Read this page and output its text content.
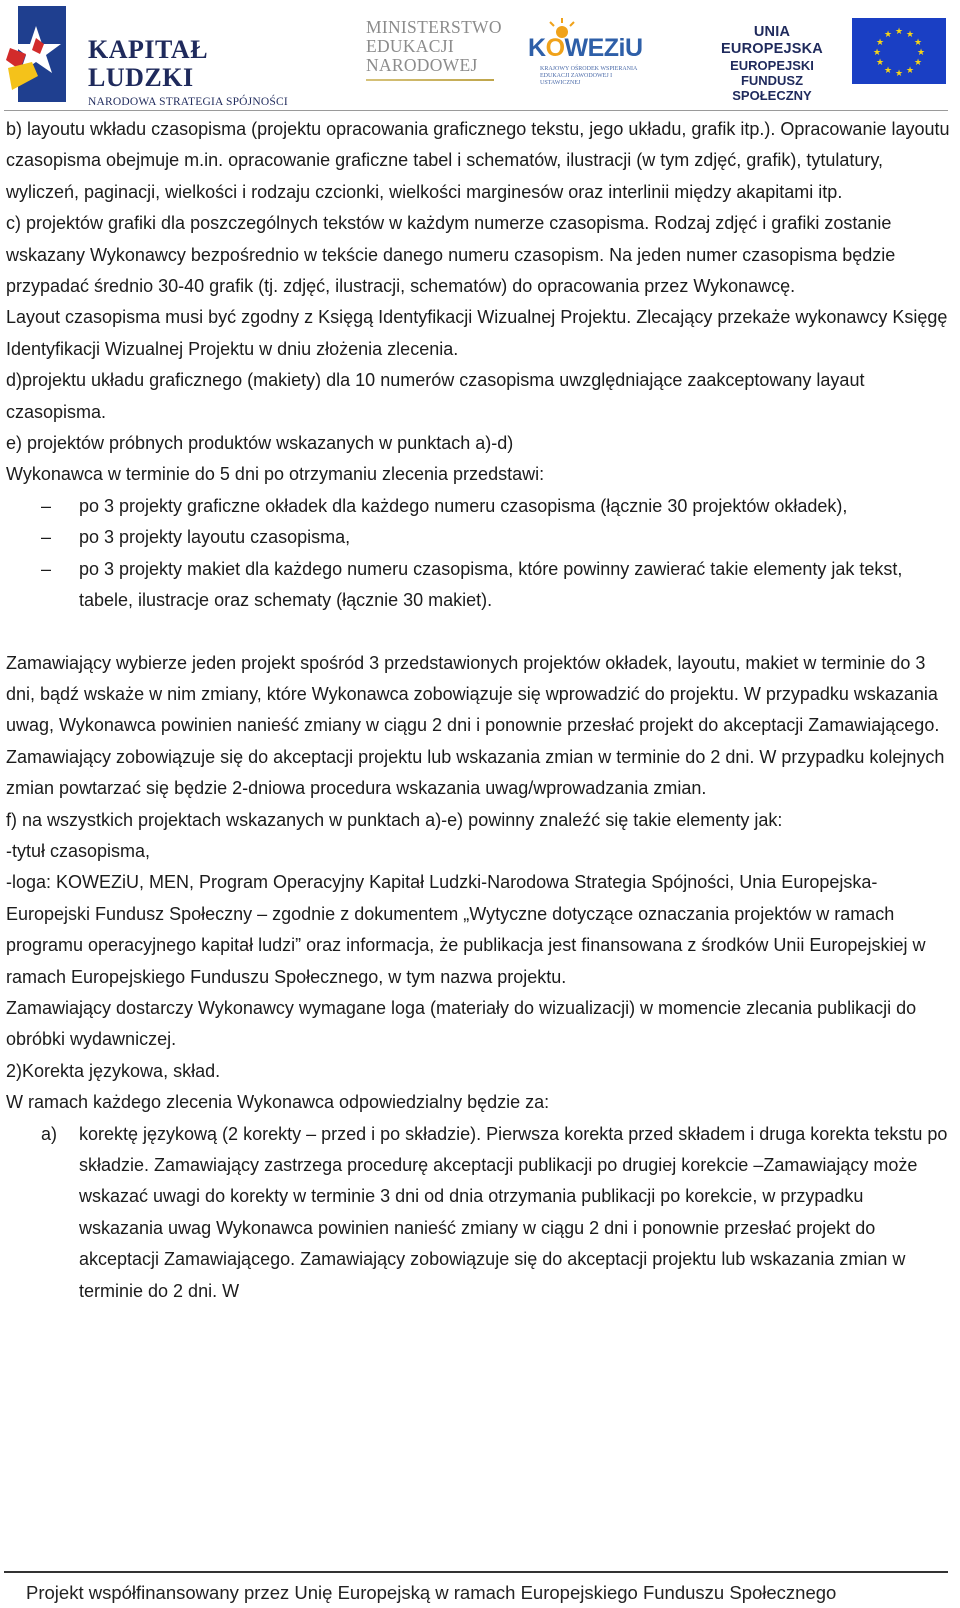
KAPITAŁ LUDZKI
NARODOWA STRATEGIA SPÓJNOŚCI
MINISTERSTWO
EDUKACJI
NARODOWEJ
KOWEZiU
KRAJOWY OŚRODEK WSPIERANIA EDUKACJI ZAWODOWEJ I USTAWICZNEJ
UNIA EUROPEJSKA
EUROPEJSKI
FUNDUSZ SPOŁECZNY
★ ★
★
★
★
★
★
★
★
★
★
★

b) layoutu wkładu czasopisma (projektu opracowania graficznego tekstu, jego układu, grafik itp.). Opracowanie layoutu czasopisma obejmuje m.in. opracowanie graficzne tabel i schematów, ilustracji (w tym zdjęć, grafik), tytulatury, wyliczeń, paginacji, wielkości i rodzaju czcionki, wielkości marginesów oraz interlinii między akapitami itp.

c) projektów grafiki dla poszczególnych tekstów w każdym numerze czasopisma. Rodzaj zdjęć i grafiki zostanie wskazany Wykonawcy bezpośrednio w tekście danego numeru czasopism. Na jeden numer czasopisma będzie przypadać średnio 30-40 grafik (tj. zdjęć, ilustracji, schematów) do opracowania przez Wykonawcę.

Layout czasopisma musi być zgodny z Księgą Identyfikacji Wizualnej Projektu. Zlecający przekaże wykonawcy Księgę Identyfikacji Wizualnej Projektu w dniu złożenia zlecenia.

d)projektu układu graficznego (makiety) dla 10 numerów czasopisma uwzględniające zaakceptowany layaut czasopisma.

e) projektów próbnych produktów wskazanych w punktach a)-d)

Wykonawca w terminie do 5 dni po otrzymaniu zlecenia przedstawi:

– po 3 projekty graficzne okładek dla każdego numeru czasopisma (łącznie 30 projektów okładek),
– po 3 projekty layoutu czasopisma,
– po 3 projekty makiet dla każdego numeru czasopisma, które powinny zawierać takie elementy jak tekst, tabele, ilustracje oraz schematy (łącznie 30 makiet).

Zamawiający wybierze jeden projekt spośród 3 przedstawionych projektów okładek, layoutu, makiet w terminie do 3 dni, bądź wskaże w nim zmiany, które Wykonawca zobowiązuje się wprowadzić do projektu. W przypadku wskazania uwag, Wykonawca powinien nanieść zmiany w ciągu 2 dni i ponownie przesłać projekt do akceptacji Zamawiającego. Zamawiający zobowiązuje się do akceptacji projektu lub wskazania zmian w terminie do 2 dni. W przypadku kolejnych zmian powtarzać się będzie 2-dniowa procedura wskazania uwag/wprowadzania zmian.

f) na wszystkich projektach wskazanych w punktach a)-e) powinny znaleźć się takie elementy jak:

-tytuł czasopisma,

-loga: KOWEZiU, MEN, Program Operacyjny Kapitał Ludzki-Narodowa Strategia Spójności, Unia Europejska-Europejski Fundusz Społeczny – zgodnie z dokumentem „Wytyczne dotyczące oznaczania projektów w ramach programu operacyjnego kapitał ludzi” oraz informacja, że publikacja jest finansowana z środków Unii Europejskiej w ramach Europejskiego Funduszu Społecznego, w tym nazwa projektu.

Zamawiający dostarczy Wykonawcy wymagane loga (materiały do wizualizacji) w momencie zlecania publikacji do obróbki wydawniczej.

2)Korekta językowa, skład.

W ramach każdego zlecenia Wykonawca odpowiedzialny będzie za:

a) korektę językową (2 korekty – przed i po składzie). Pierwsza korekta przed składem i druga korekta tekstu po składzie. Zamawiający zastrzega procedurę akceptacji publikacji po drugiej korekcie –Zamawiający może wskazać uwagi do korekty w terminie 3 dni od dnia otrzymania publikacji po korekcie, w przypadku wskazania uwag Wykonawca powinien nanieść zmiany w ciągu 2 dni i ponownie przesłać projekt do akceptacji Zamawiającego. Zamawiający zobowiązuje się do akceptacji projektu lub wskazania zmian w terminie do 2 dni. W
Projekt współfinansowany przez Unię Europejską w ramach Europejskiego Funduszu Społecznego
